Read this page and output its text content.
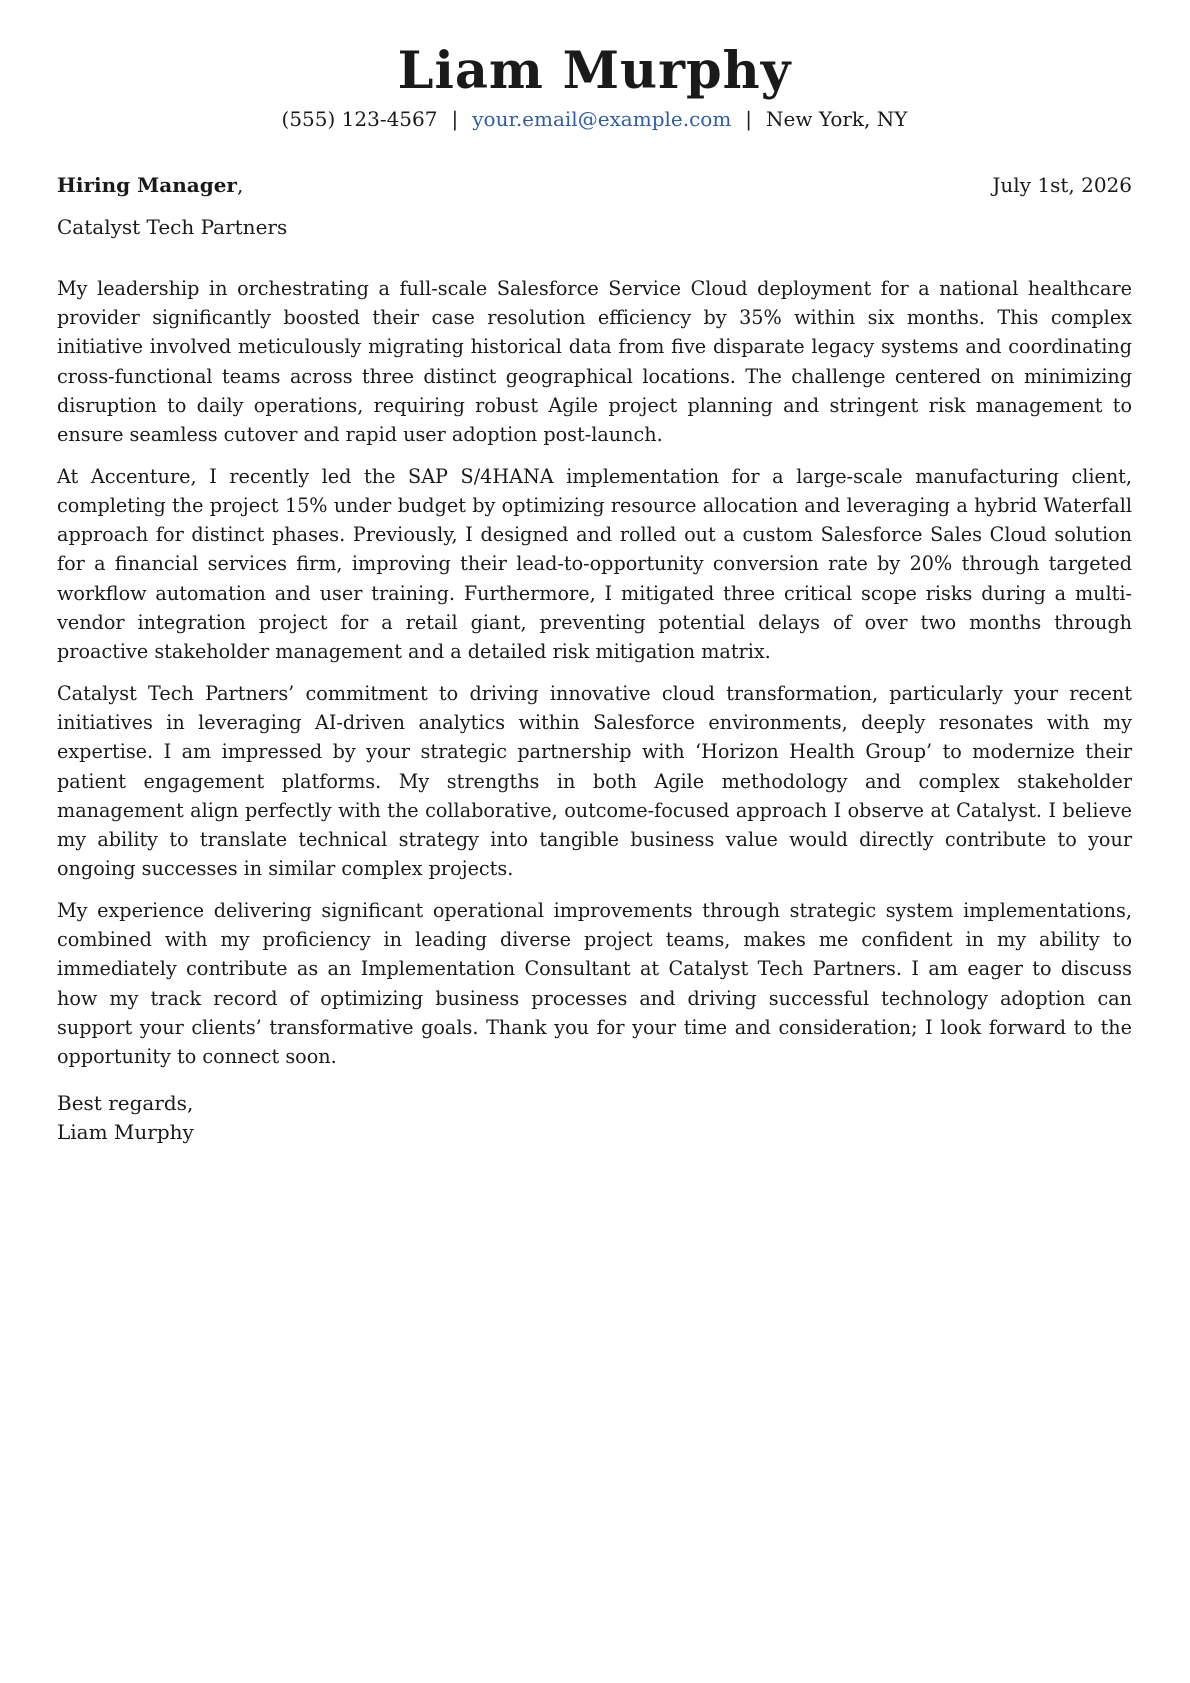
Liam Murphy
(555) 123-4567 | your.email@example.com | New York, NY
Hiring Manager,	July 1st, 2026
Catalyst Tech Partners

My leadership in orchestrating a full-scale Salesforce Service Cloud deployment for a national healthcare provider significantly boosted their case resolution efficiency by 35% within six months. This complex initiative involved meticulously migrating historical data from five disparate legacy systems and coordinating cross-functional teams across three distinct geographical locations. The challenge centered on minimizing disruption to daily operations, requiring robust Agile project planning and stringent risk management to ensure seamless cutover and rapid user adoption post-launch.

At Accenture, I recently led the SAP S/4HANA implementation for a large-scale manufacturing client, completing the project 15% under budget by optimizing resource allocation and leveraging a hybrid Waterfall approach for distinct phases. Previously, I designed and rolled out a custom Salesforce Sales Cloud solution for a financial services firm, improving their lead-to-opportunity conversion rate by 20% through targeted workflow automation and user training. Furthermore, I mitigated three critical scope risks during a multi-vendor integration project for a retail giant, preventing potential delays of over two months through proactive stakeholder management and a detailed risk mitigation matrix.

Catalyst Tech Partners’ commitment to driving innovative cloud transformation, particularly your recent initiatives in leveraging AI-driven analytics within Salesforce environments, deeply resonates with my expertise. I am impressed by your strategic partnership with ‘Horizon Health Group’ to modernize their patient engagement platforms. My strengths in both Agile methodology and complex stakeholder management align perfectly with the collaborative, outcome-focused approach I observe at Catalyst. I believe my ability to translate technical strategy into tangible business value would directly contribute to your ongoing successes in similar complex projects.

My experience delivering significant operational improvements through strategic system implementations, combined with my proficiency in leading diverse project teams, makes me confident in my ability to immediately contribute as an Implementation Consultant at Catalyst Tech Partners. I am eager to discuss how my track record of optimizing business processes and driving successful technology adoption can support your clients’ transformative goals. Thank you for your time and consideration; I look forward to the opportunity to connect soon.

Best regards,
Liam Murphy
